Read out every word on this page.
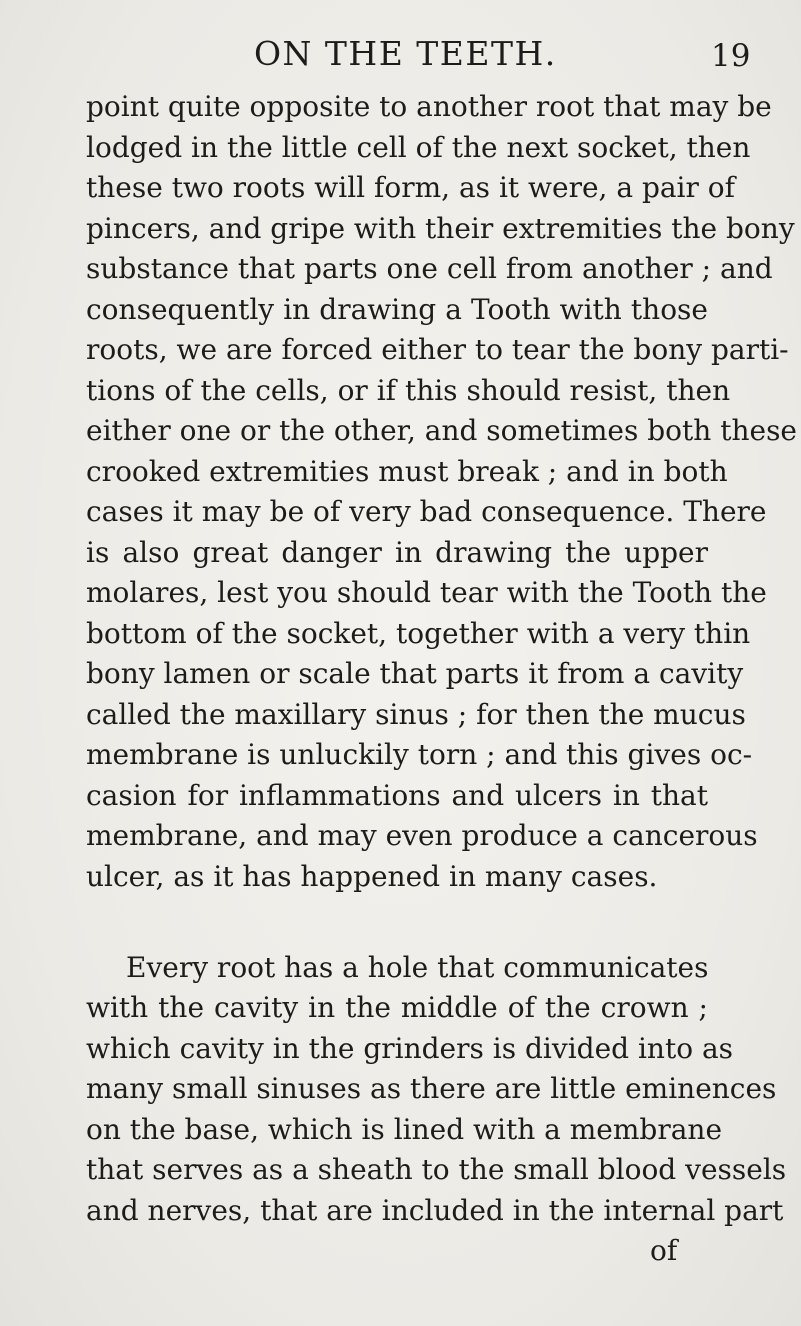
ON THE TEETH.	19
point quite opposite to another root that may be
lodged in the little cell of the next socket, then
these two roots will form, as it were, a pair of
pincers, and gripe with their extremities the bony
substance that parts one cell from another ; and
consequently in drawing a Tooth with those
roots, we are forced either to tear the bony parti-
tions of the cells, or if this should resist, then
either one or the other, and sometimes both these
crooked extremities must break ; and in both
cases it may be of very bad consequence. There
is also great danger in drawing the upper
molares, lest you should tear with the Tooth the
bottom of the socket, together with a very thin
bony lamen or scale that parts it from a cavity
called the maxillary sinus ; for then the mucus
membrane is unluckily torn ; and this gives oc-
casion for inflammations and ulcers in that
membrane, and may even produce a cancerous
ulcer, as it has happened in many cases.
Every root has a hole that communicates
with the cavity in the middle of the crown ;
which cavity in the grinders is divided into as
many small sinuses as there are little eminences
on the base, which is lined with a membrane
that serves as a sheath to the small blood vessels
and nerves, that are included in the internal part
of
